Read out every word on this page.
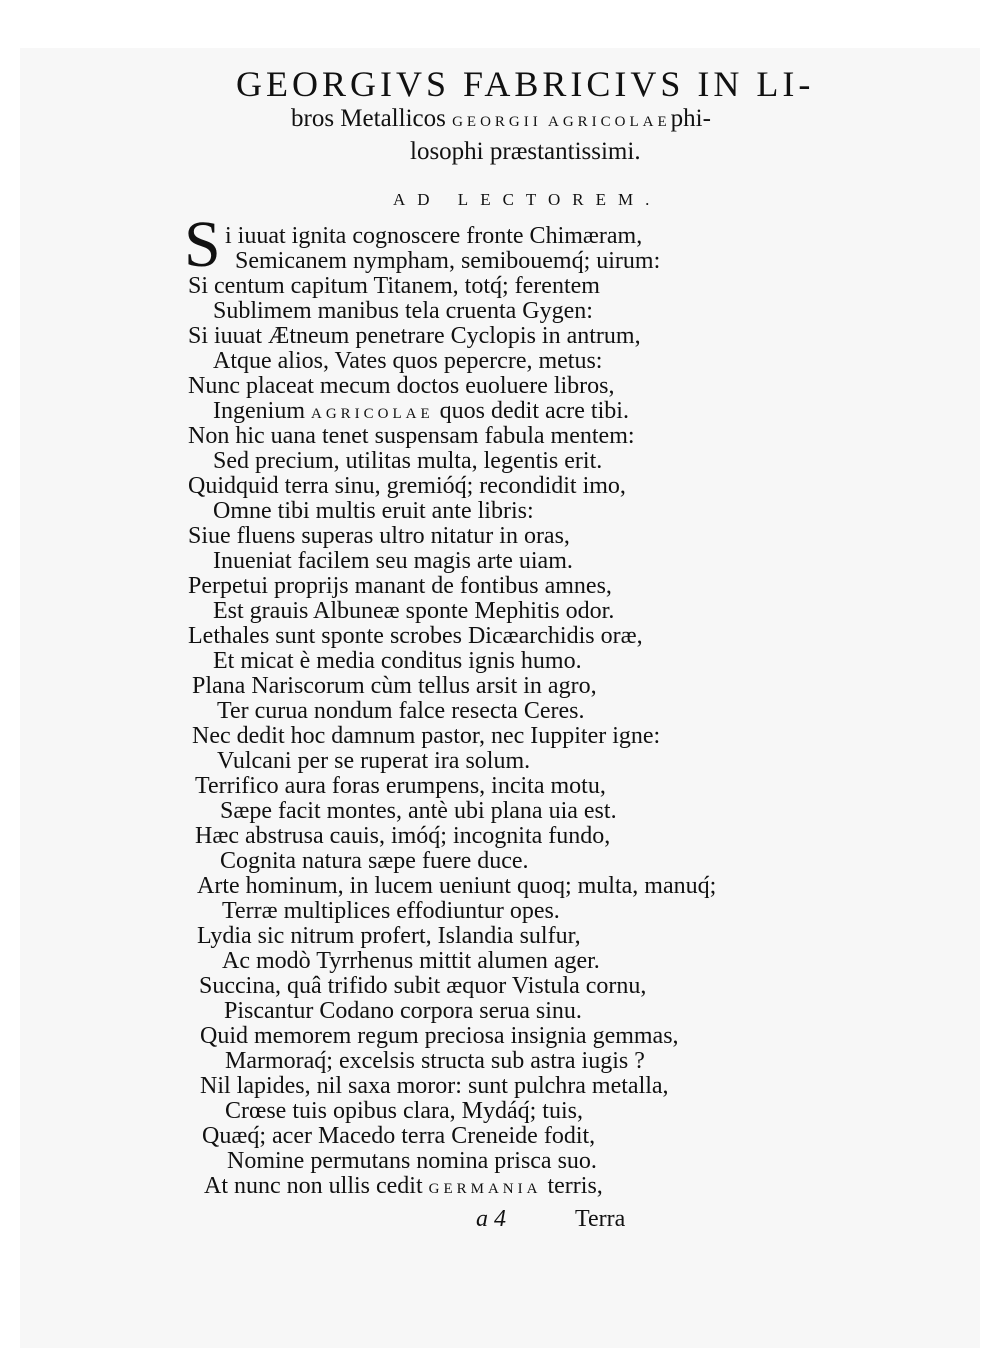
GEORGIVS FABRICIVS IN LI-
bros Metallicos GEORGII AGRICOLAEphi-
losophi præstantissimi.
AD LECTOREM.
S i iuuat ignita cognoscere fronte Chimæram,
Semicanem nympham, semibouemq́; uirum:
Si centum capitum Titanem, totq́; ferentem
Sublimem manibus tela cruenta Gygen:
Si iuuat Ætneum penetrare Cyclopis in antrum,
Atque alios, Vates quos pepercre, metus:
Nunc placeat mecum doctos euoluere libros,
Ingenium AGRICOLAE quos dedit acre tibi.
Non hic uana tenet suspensam fabula mentem:
Sed precium, utilitas multa, legentis erit.
Quidquid terra sinu, gremióq́; recondidit imo,
Omne tibi multis eruit ante libris:
Siue fluens superas ultro nitatur in oras,
Inueniat facilem seu magis arte uiam.
Perpetui proprijs manant de fontibus amnes,
Est grauis Albuneæ sponte Mephitis odor.
Lethales sunt sponte scrobes Dicæarchidis oræ,
Et micat è media conditus ignis humo.
Plana Nariscorum cùm tellus arsit in agro,
Ter curua nondum falce resecta Ceres.
Nec dedit hoc damnum pastor, nec Iuppiter igne:
Vulcani per se ruperat ira solum.
Terrifico aura foras erumpens, incita motu,
Sæpe facit montes, antè ubi plana uia est.
Hæc abstrusa cauis, imóq́; incognita fundo,
Cognita natura sæpe fuere duce.
Arte hominum, in lucem ueniunt quoq; multa, manuq́;
Terræ multiplices effodiuntur opes.
Lydia sic nitrum profert, Islandia sulfur,
Ac modò Tyrrhenus mittit alumen ager.
Succina, quâ trifido subit æquor Vistula cornu,
Piscantur Codano corpora serua sinu.
Quid memorem regum preciosa insignia gemmas,
Marmoraq́; excelsis structa sub astra iugis ?
Nil lapides, nil saxa moror: sunt pulchra metalla,
Crœse tuis opibus clara, Mydáq́; tuis,
Quæq́; acer Macedo terra Creneide fodit,
Nomine permutans nomina prisca suo.
At nunc non ullis cedit GERMANIA terris,
a 4	Terra
